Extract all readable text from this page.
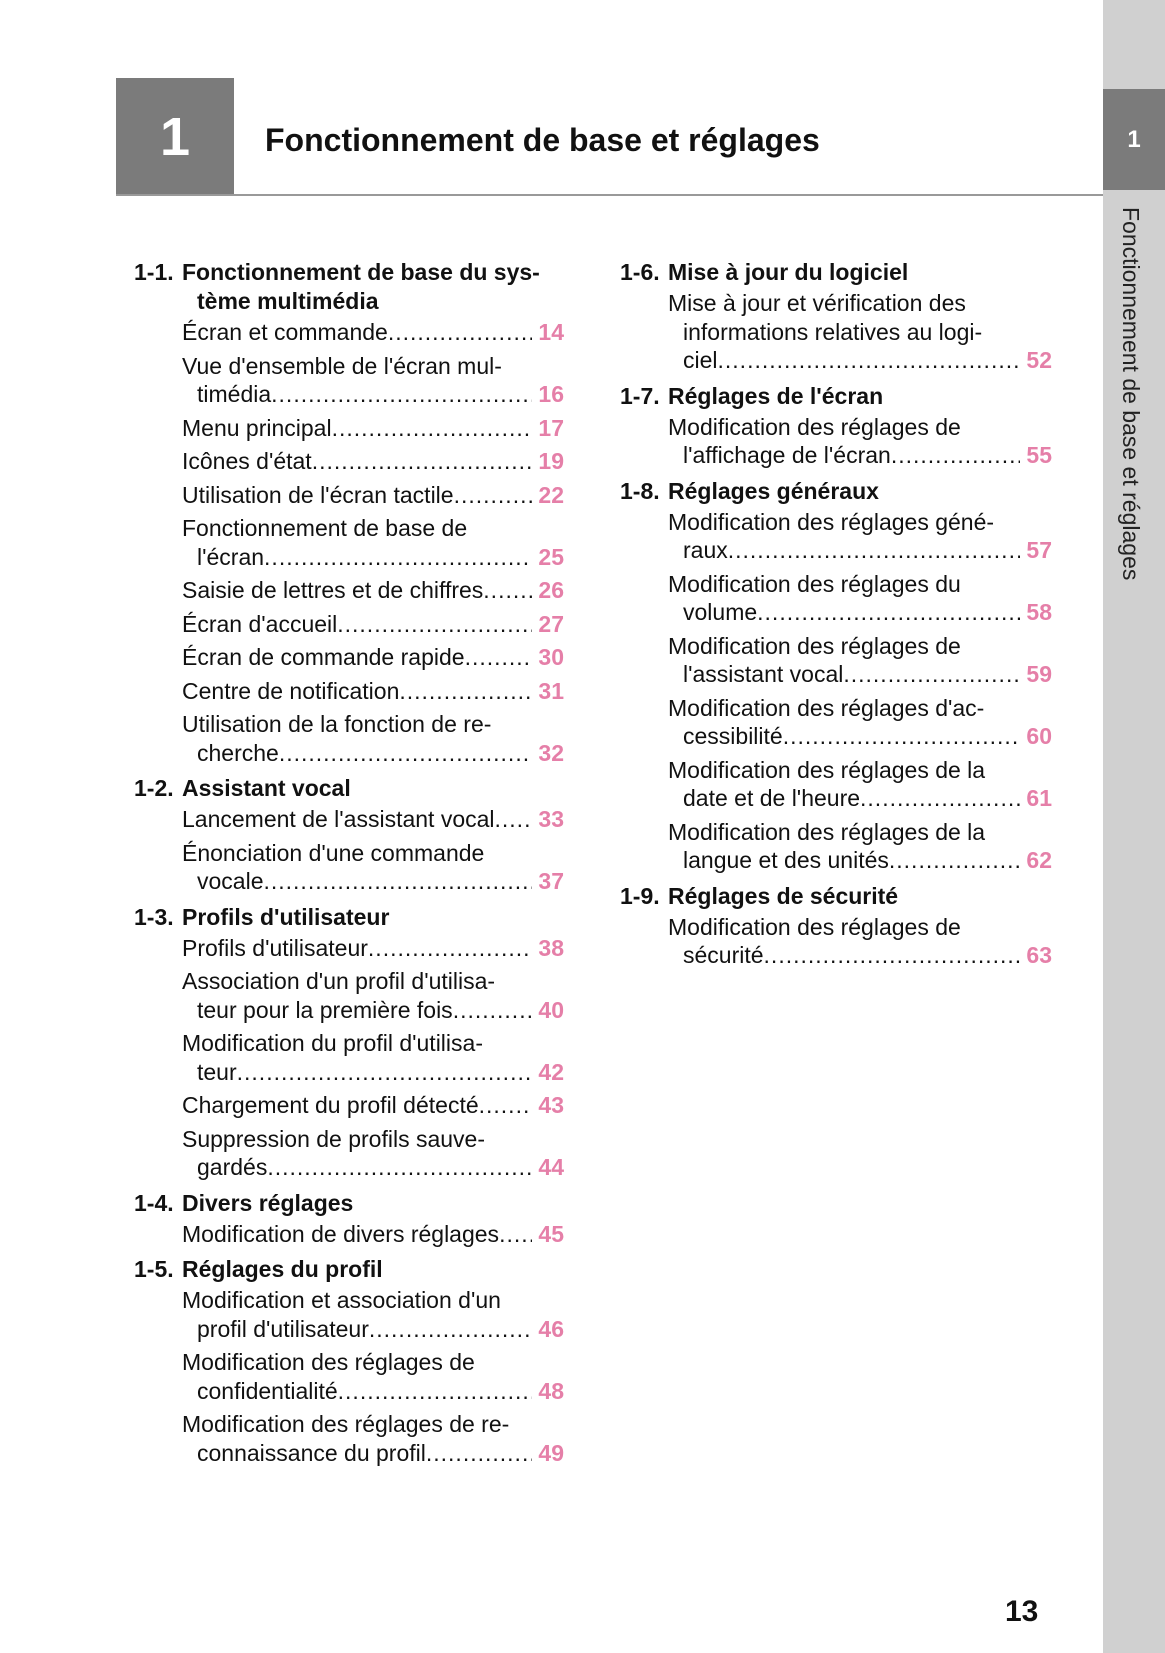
1
Fonctionnement de base et réglages
1	Fonctionnement de base et réglages
1-1. Fonctionnement de base du sys-
tème multimédia
Écran et commande .....	14
Vue d'ensemble de l'écran mul-
timédia .....	16
Menu principal .....	17
Icônes d'état .....	19
Utilisation de l'écran tactile .....	22
Fonctionnement de base de
l'écran .....	25
Saisie de lettres et de chiffres ..... 26
Écran d'accueil .....	27
Écran de commande rapide .....	30
Centre de notification .....	31
Utilisation de la fonction de re-
cherche .....	32
1-2. Assistant vocal
Lancement de l'assistant vocal ..... 33
Énonciation d'une commande
vocale .....	37
1-3. Profils d'utilisateur
Profils d'utilisateur .....	38
Association d'un profil d'utilisa-
teur pour la première fois .....	40
Modification du profil d'utilisa-
teur .....	42
Chargement du profil détecté .....	43
Suppression de profils sauve-
gardés .....	44
1-4. Divers réglages
Modification de divers réglages ..... 45
1-5. Réglages du profil
Modification et association d'un
profil d'utilisateur .....	46
Modification des réglages de
confidentialité .....	48
Modification des réglages de re-
connaissance du profil .....	49
1-6. Mise à jour du logiciel
Mise à jour et vérification des
informations relatives au logi-
ciel .....	52
1-7. Réglages de l'écran
Modification des réglages de
l'affichage de l'écran .....	55
1-8. Réglages généraux
Modification des réglages géné-
raux .....	57
Modification des réglages du
volume .....	58
Modification des réglages de
l'assistant vocal .....	59
Modification des réglages d'ac-
cessibilité .....	60
Modification des réglages de la
date et de l'heure .....	61
Modification des réglages de la
langue et des unités .....	62
1-9. Réglages de sécurité
Modification des réglages de
sécurité .....	63
13
